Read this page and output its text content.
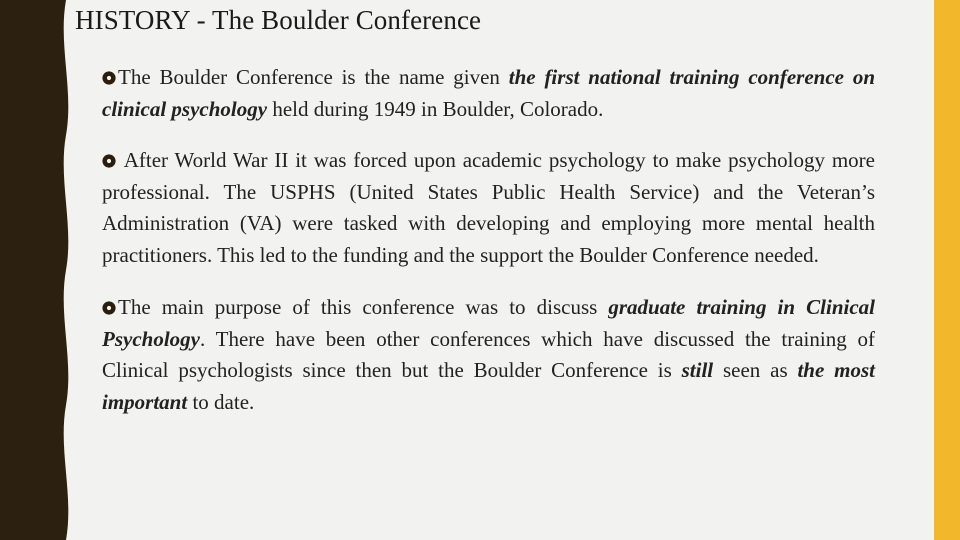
HISTORY - The Boulder Conference

The Boulder Conference is the name given the first national training conference on clinical psychology held during 1949 in Boulder, Colorado.

After World War II it was forced upon academic psychology to make psychology more professional. The USPHS (United States Public Health Service) and the Veteran’s Administration (VA) were tasked with developing and employing more mental health practitioners. This led to the funding and the support the Boulder Conference needed.

The main purpose of this conference was to discuss graduate training in Clinical Psychology. There have been other conferences which have discussed the training of Clinical psychologists since then but the Boulder Conference is still seen as the most important to date.
